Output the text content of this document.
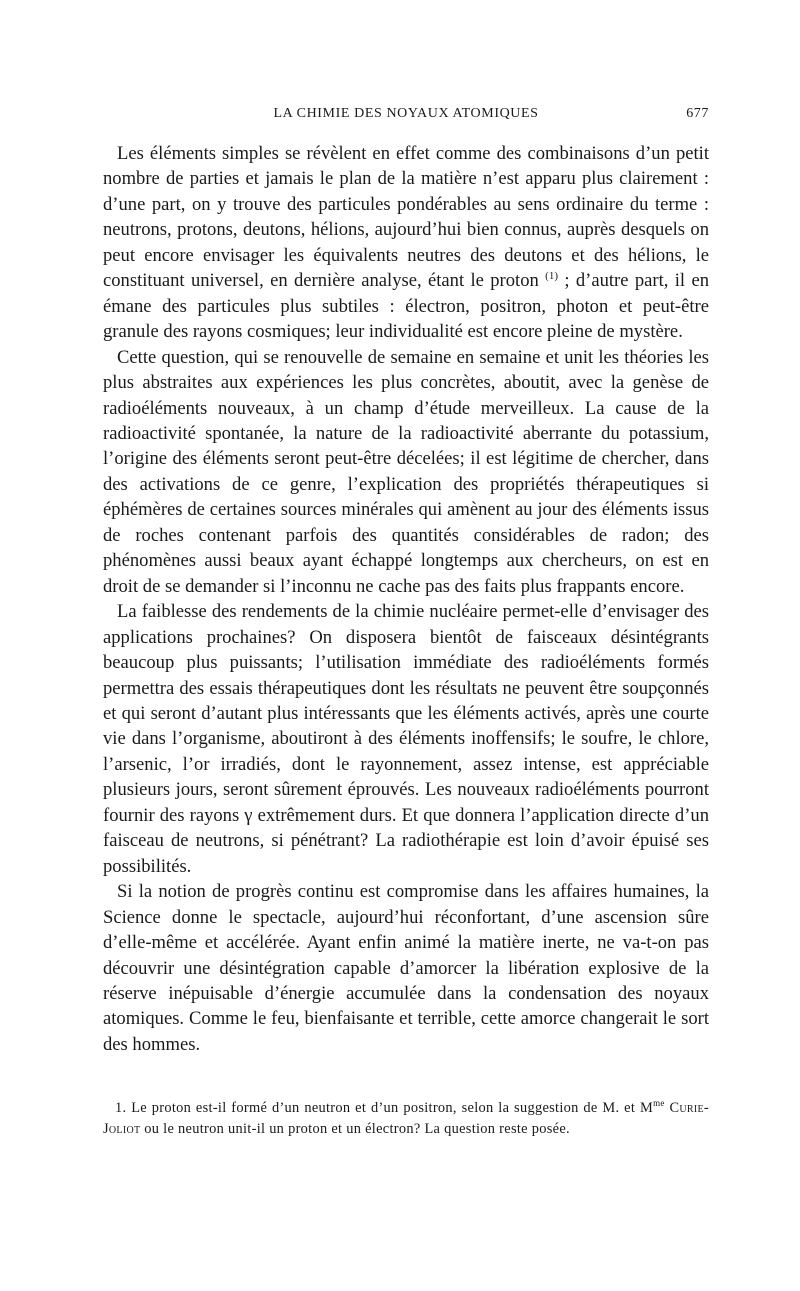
LA CHIMIE DES NOYAUX ATOMIQUES	677

Les éléments simples se révèlent en effet comme des combinaisons d’un petit nombre de parties et jamais le plan de la matière n’est apparu plus clairement : d’une part, on y trouve des particules pondérables au sens ordinaire du terme : neutrons, protons, deutons, hélions, aujourd’hui bien connus, auprès desquels on peut encore envisager les équivalents neutres des deutons et des hélions, le constituant universel, en dernière analyse, étant le proton $^{(1)}$ ; d’autre part, il en émane des particules plus subtiles : électron, positron, photon et peut-être granule des rayons cosmiques; leur individualité est encore pleine de mystère.

Cette question, qui se renouvelle de semaine en semaine et unit les théories les plus abstraites aux expériences les plus concrètes, aboutit, avec la genèse de radioéléments nouveaux, à un champ d’étude merveilleux. La cause de la radioactivité spontanée, la nature de la radioactivité aberrante du potassium, l’origine des éléments seront peut-être décelées; il est légitime de chercher, dans des activations de ce genre, l’explication des propriétés thérapeutiques si éphémères de certaines sources minérales qui amènent au jour des éléments issus de roches contenant parfois des quantités considérables de radon; des phénomènes aussi beaux ayant échappé longtemps aux chercheurs, on est en droit de se demander si l’inconnu ne cache pas des faits plus frappants encore.

La faiblesse des rendements de la chimie nucléaire permet-elle d’envisager des applications prochaines? On disposera bientôt de faisceaux désintégrants beaucoup plus puissants; l’utilisation immédiate des radioéléments formés permettra des essais thérapeutiques dont les résultats ne peuvent être soupçonnés et qui seront d’autant plus intéressants que les éléments activés, après une courte vie dans l’organisme, aboutiront à des éléments inoffensifs; le soufre, le chlore, l’arsenic, l’or irradiés, dont le rayonnement, assez intense, est appréciable plusieurs jours, seront sûrement éprouvés. Les nouveaux radioéléments pourront fournir des rayons γ extrêmement durs. Et que donnera l’application directe d’un faisceau de neutrons, si pénétrant? La radiothérapie est loin d’avoir épuisé ses possibilités.

Si la notion de progrès continu est compromise dans les affaires humaines, la Science donne le spectacle, aujourd’hui réconfortant, d’une ascension sûre d’elle-même et accélérée. Ayant enfin animé la matière inerte, ne va-t-on pas découvrir une désintégration capable d’amorcer la libération explosive de la réserve inépuisable d’énergie accumulée dans la condensation des noyaux atomiques. Comme le feu, bienfaisante et terrible, cette amorce changerait le sort des hommes.

1. Le proton est-il formé d’un neutron et d’un positron, selon la suggestion de M. et $M^{me}$ Curie-Joliot ou le neutron unit-il un proton et un électron? La question reste posée.
